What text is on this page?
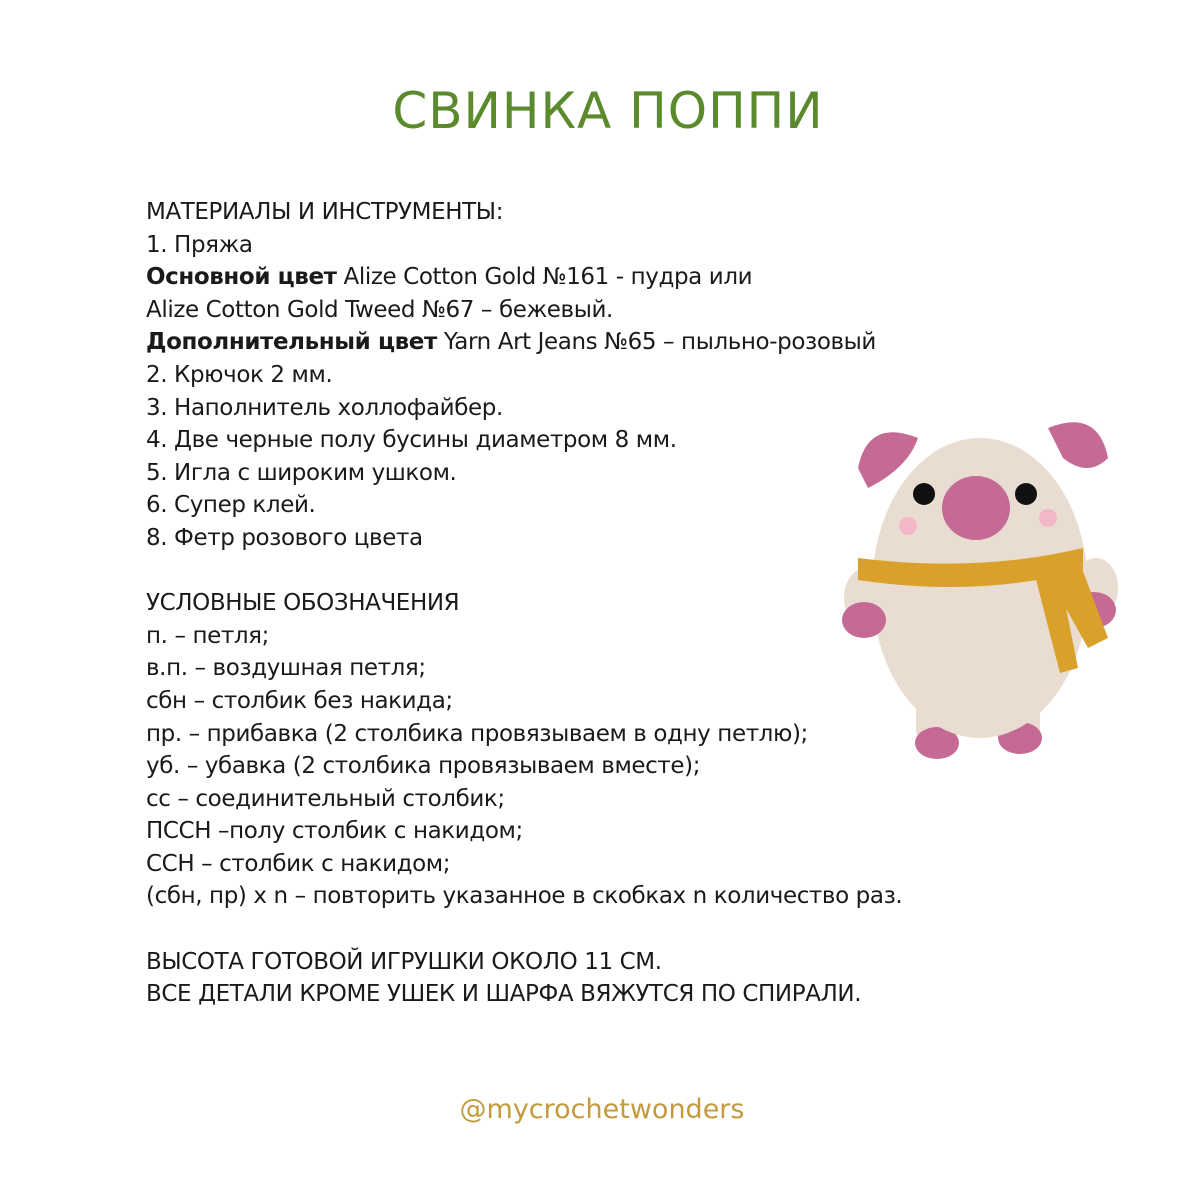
СВИНКА ПОППИ
МАТЕРИАЛЫ И ИНСТРУМЕНТЫ:
1. Пряжа
Основной цвет Alize Cotton Gold №161 - пудра или
Alize Cotton Gold Tweed №67 – бежевый.
Дополнительный цвет Yarn Art Jeans №65 – пыльно-розовый
2. Крючок 2 мм.
3. Наполнитель холлофайбер.
4. Две черные полу бусины диаметром 8 мм.
5. Игла с широким ушком.
6. Супер клей.
8. Фетр розового цвета
УСЛОВНЫЕ ОБОЗНАЧЕНИЯ
п. – петля;
в.п. – воздушная петля;
сбн – столбик без накида;
пр. – прибавка (2 столбика провязываем в одну петлю);
уб. – убавка (2 столбика провязываем вместе);
сс – соединительный столбик;
ПССН –полу столбик с накидом;
ССН – столбик с накидом;
(сбн, пр) x n – повторить указанное в скобках n количество раз.
ВЫСОТА ГОТОВОЙ ИГРУШКИ ОКОЛО 11 СМ.
ВСЕ ДЕТАЛИ КРОМЕ УШЕК И ШАРФА ВЯЖУТСЯ ПО СПИРАЛИ.
@mycrochetwonders
